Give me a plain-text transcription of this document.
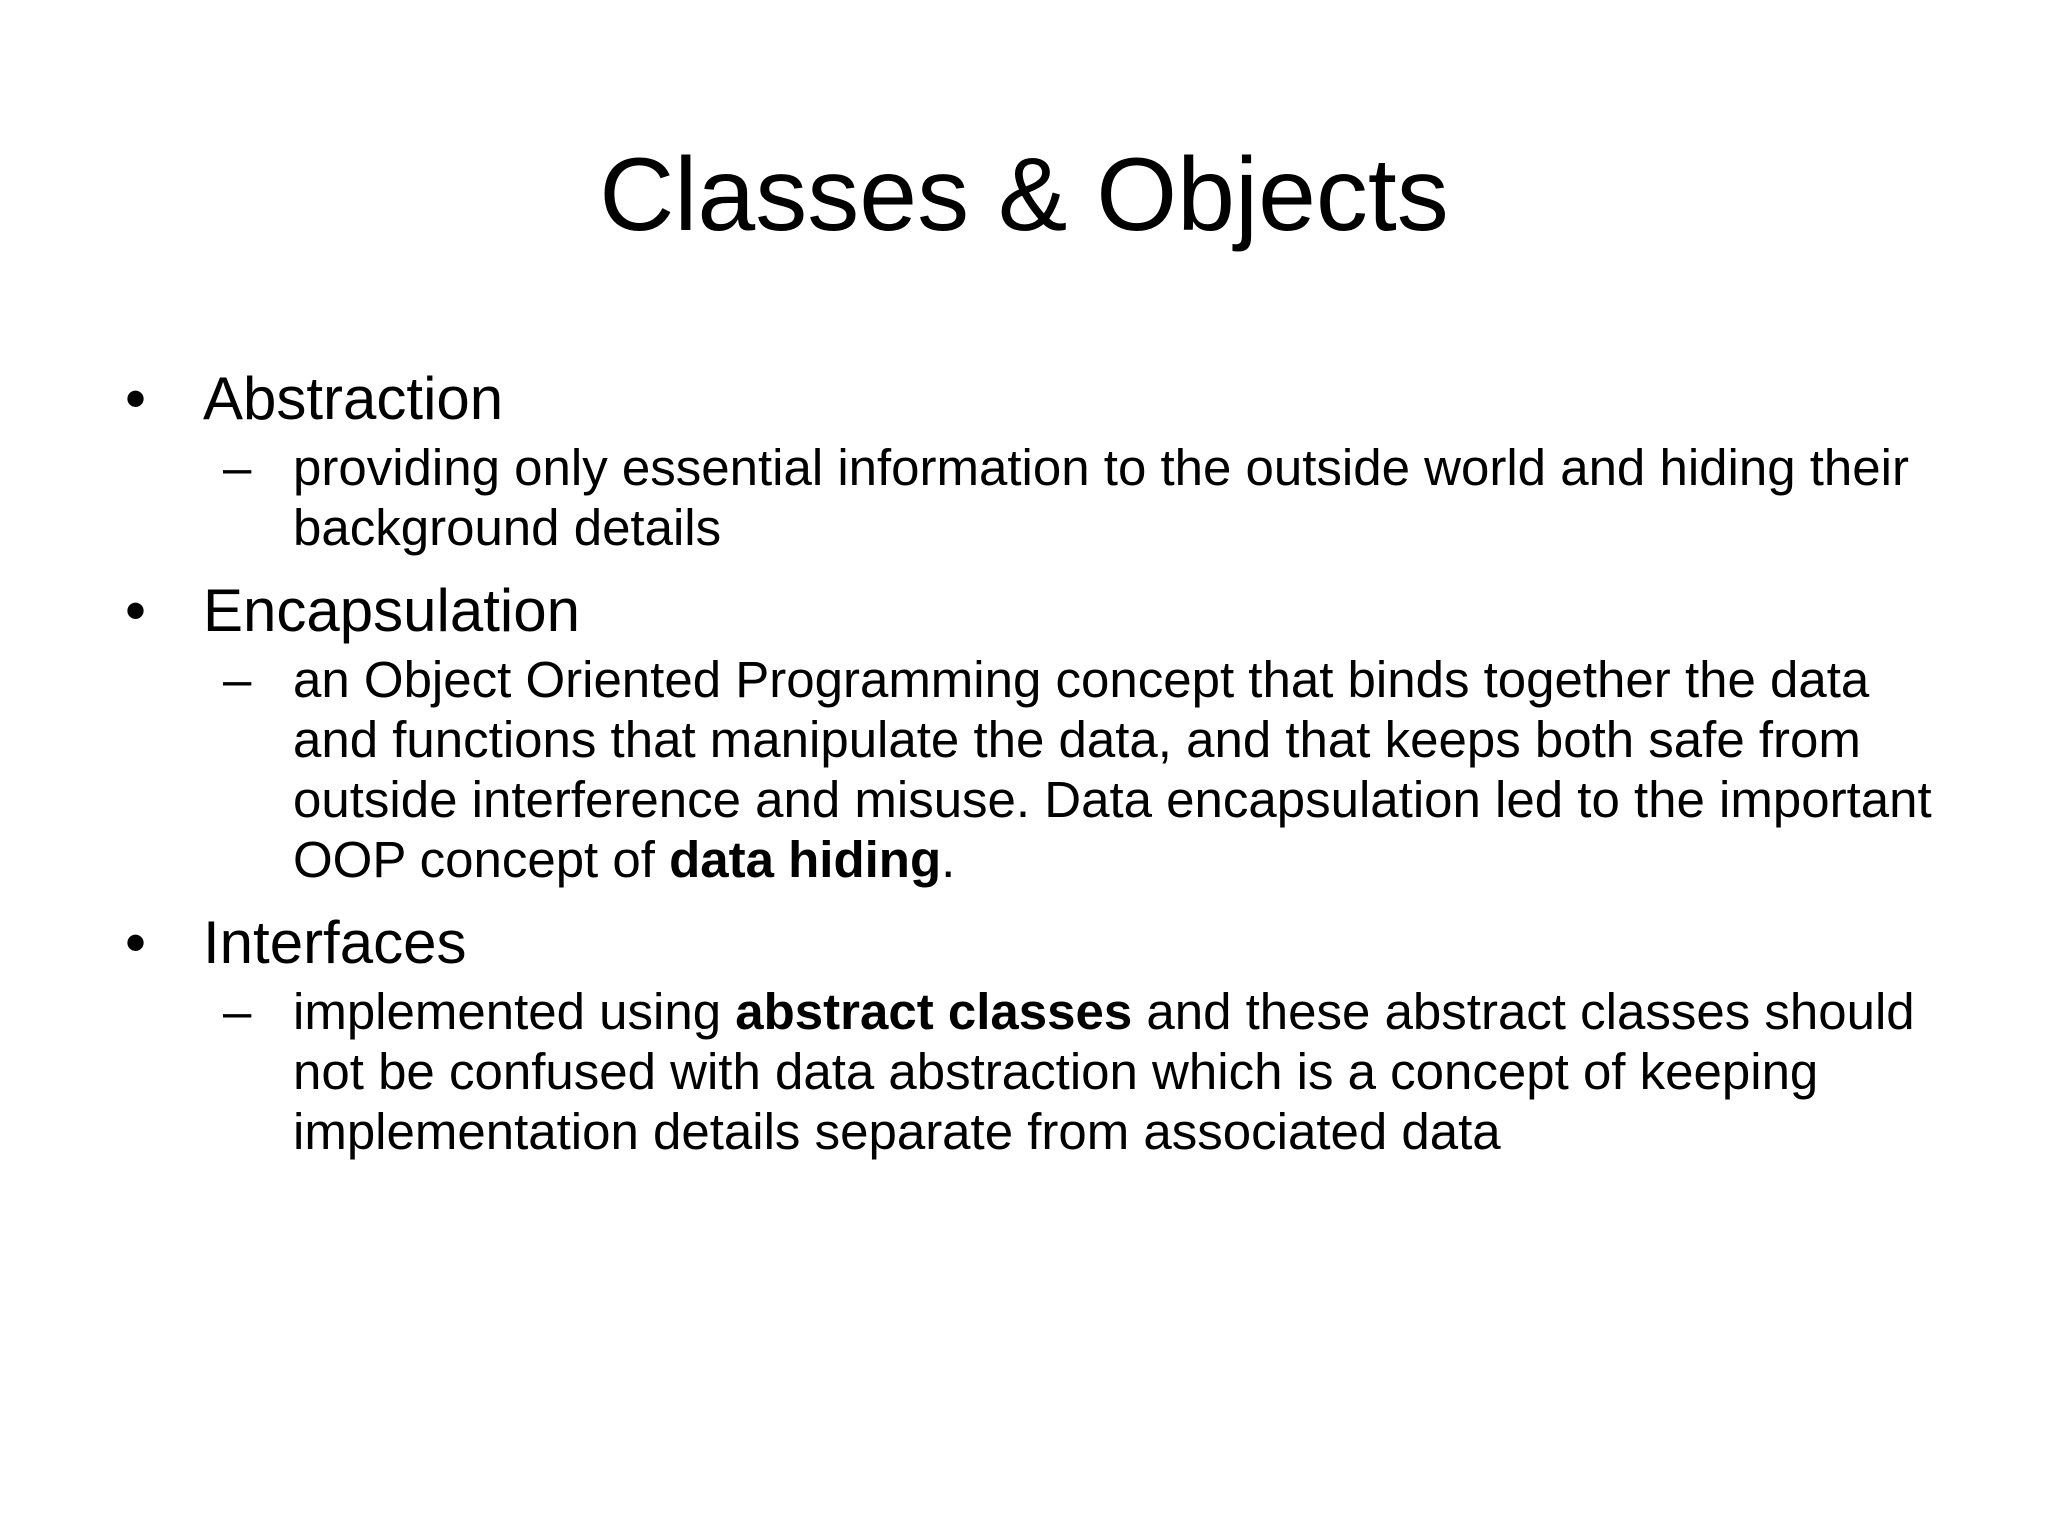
Classes & Objects
• Abstraction
– providing only essential information to the outside world and hiding their background details
• Encapsulation
– an Object Oriented Programming concept that binds together the data and functions that manipulate the data, and that keeps both safe from outside interference and misuse. Data encapsulation led to the important OOP concept of data hiding.
• Interfaces
– implemented using abstract classes and these abstract classes should not be confused with data abstraction which is a concept of keeping implementation details separate from associated data
